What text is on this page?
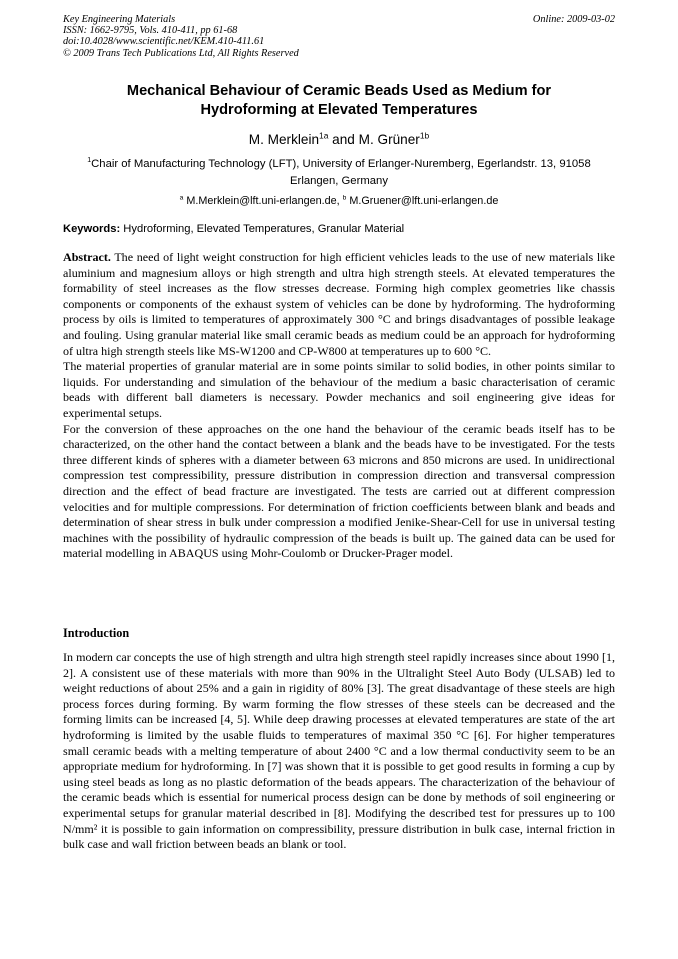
Key Engineering Materials
ISSN: 1662-9795, Vols. 410-411, pp 61-68
doi:10.4028/www.scientific.net/KEM.410-411.61
© 2009 Trans Tech Publications Ltd, All Rights Reserved
Online: 2009-03-02
Mechanical Behaviour of Ceramic Beads Used as Medium for
Hydroforming at Elevated Temperatures
M. Merklein$^{1a}$ and M. Grüner$^{1b}$
$^1$Chair of Manufacturing Technology (LFT), University of Erlanger-Nuremberg, Egerlandstr. 13, 91058 Erlangen, Germany
$^a$ M.Merklein@lft.uni-erlangen.de, $^b$ M.Gruener@lft.uni-erlangen.de
Keywords: Hydroforming, Elevated Temperatures, Granular Material

Abstract. The need of light weight construction for high efficient vehicles leads to the use of new materials like aluminium and magnesium alloys or high strength and ultra high strength steels. At elevated temperatures the formability of steel increases as the flow stresses decrease. Forming high complex geometries like chassis components or components of the exhaust system of vehicles can be done by hydroforming. The hydroforming process by oils is limited to temperatures of approximately 300 °C and brings disadvantages of possible leakage and fouling. Using granular material like small ceramic beads as medium could be an approach for hydroforming of ultra high strength steels like MS-W1200 and CP-W800 at temperatures up to 600 °C.

The material properties of granular material are in some points similar to solid bodies, in other points similar to liquids. For understanding and simulation of the behaviour of the medium a basic characterisation of ceramic beads with different ball diameters is necessary. Powder mechanics and soil engineering give ideas for experimental setups.

For the conversion of these approaches on the one hand the behaviour of the ceramic beads itself has to be characterized, on the other hand the contact between a blank and the beads have to be investigated. For the tests three different kinds of spheres with a diameter between 63 microns and 850 microns are used. In unidirectional compression test compressibility, pressure distribution in compression direction and transversal compression direction and the effect of bead fracture are investigated. The tests are carried out at different compression velocities and for multiple compressions. For determination of friction coefficients between blank and beads and determination of shear stress in bulk under compression a modified Jenike-Shear-Cell for use in universal testing machines with the possibility of hydraulic compression of the beads is built up. The gained data can be used for material modelling in ABAQUS using Mohr-Coulomb or Drucker-Prager model.

Introduction

In modern car concepts the use of high strength and ultra high strength steel rapidly increases since about 1990 [1, 2]. A consistent use of these materials with more than 90% in the Ultralight Steel Auto Body (ULSAB) led to weight reductions of about 25% and a gain in rigidity of 80% [3]. The great disadvantage of these steels are high process forces during forming. By warm forming the flow stresses of these steels can be decreased and the forming limits can be increased [4, 5]. While deep drawing processes at elevated temperatures are state of the art hydroforming is limited by the usable fluids to temperatures of maximal 350 °C [6]. For higher temperatures small ceramic beads with a melting temperature of about 2400 °C and a low thermal conductivity seem to be an appropriate medium for hydroforming. In [7] was shown that it is possible to get good results in forming a cup by using steel beads as long as no plastic deformation of the beads appears. The characterization of the behaviour of the ceramic beads which is essential for numerical process design can be done by methods of soil engineering or experimental setups for granular material described in [8]. Modifying the described test for pressures up to 100 N/mm² it is possible to gain information on compressibility, pressure distribution in bulk case, internal friction in bulk case and wall friction between beads an blank or tool.
